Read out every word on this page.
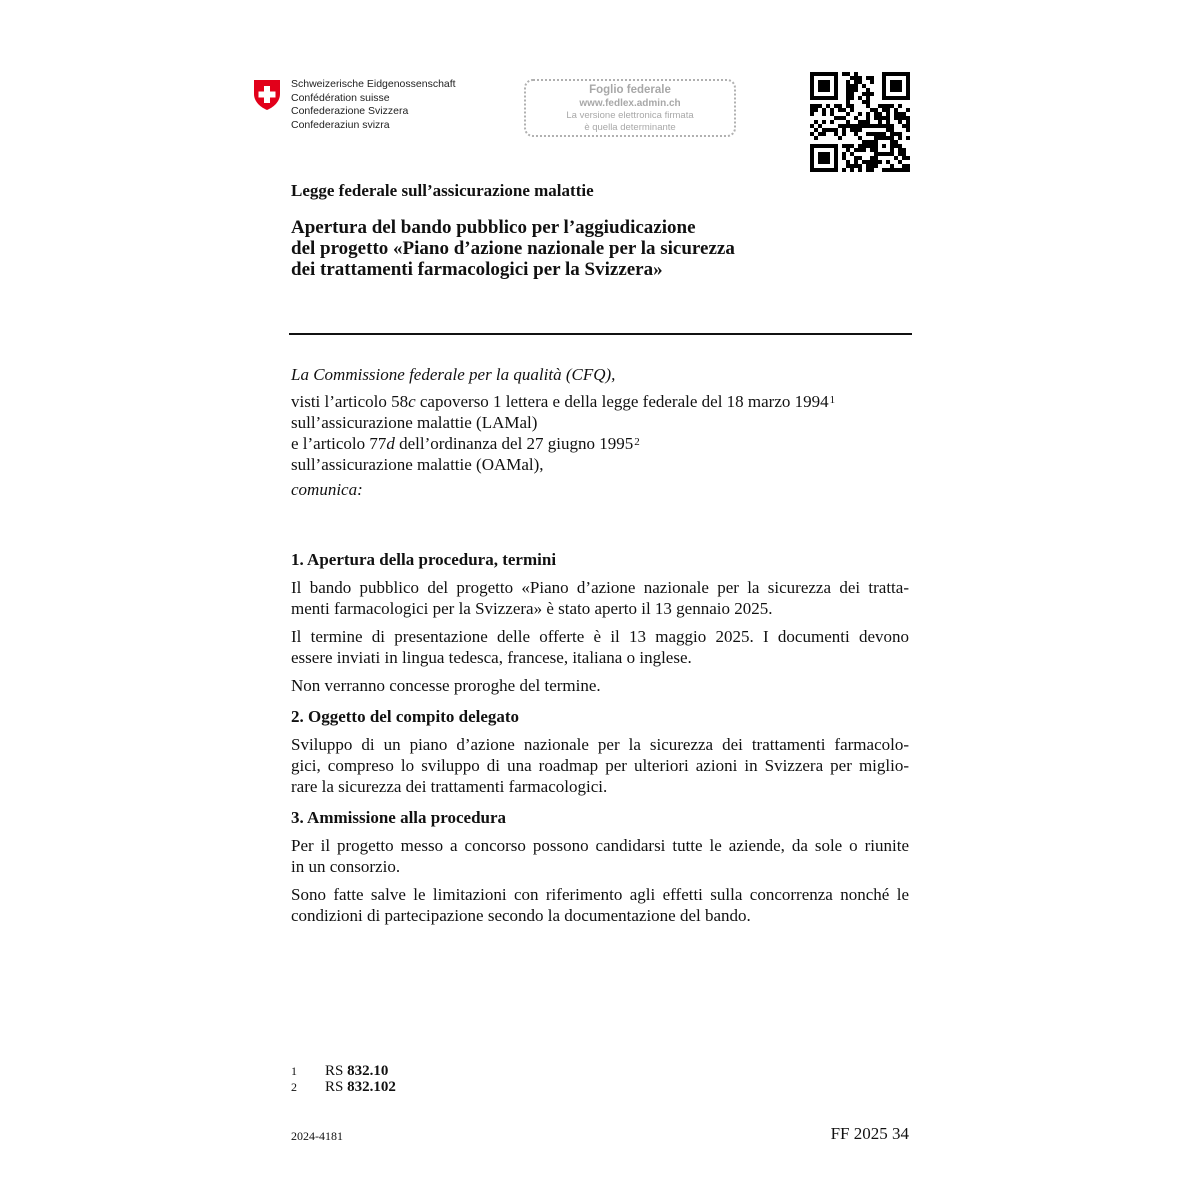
Schweizerische Eidgenossenschaft
Confédération suisse
Confederazione Svizzera
Confederaziun svizra
Foglio federale
www.fedlex.admin.ch
La versione elettronica firmata
è quella determinante
Legge federale sull’assicurazione malattie
Apertura del bando pubblico per l’aggiudicazione
del progetto «Piano d’azione nazionale per la sicurezza
dei trattamenti farmacologici per la Svizzera»
La Commissione federale per la qualità (CFQ),
visti l’articolo 58c capoverso 1 lettera e della legge federale del 18 marzo 1994$^1$
sull’assicurazione malattie (LAMal)
e l’articolo 77d dell’ordinanza del 27 giugno 1995$^2$
sull’assicurazione malattie (OAMal),
comunica:
1. Apertura della procedura, termini

Il bando pubblico del progetto «Piano d’azione nazionale per la sicurezza dei tratta-
menti farmacologici per la Svizzera» è stato aperto il 13 gennaio 2025.

Il termine di presentazione delle offerte è il 13 maggio 2025. I documenti devono
essere inviati in lingua tedesca, francese, italiana o inglese.

Non verranno concesse proroghe del termine.

2. Oggetto del compito delegato

Sviluppo di un piano d’azione nazionale per la sicurezza dei trattamenti farmacolo-
gici, compreso lo sviluppo di una roadmap per ulteriori azioni in Svizzera per miglio-
rare la sicurezza dei trattamenti farmacologici.

3. Ammissione alla procedura

Per il progetto messo a concorso possono candidarsi tutte le aziende, da sole o riunite
in un consorzio.

Sono fatte salve le limitazioni con riferimento agli effetti sulla concorrenza nonché le
condizioni di partecipazione secondo la documentazione del bando.

1	RS 832.10
2	RS 832.102
2024-4181	FF 2025 34
